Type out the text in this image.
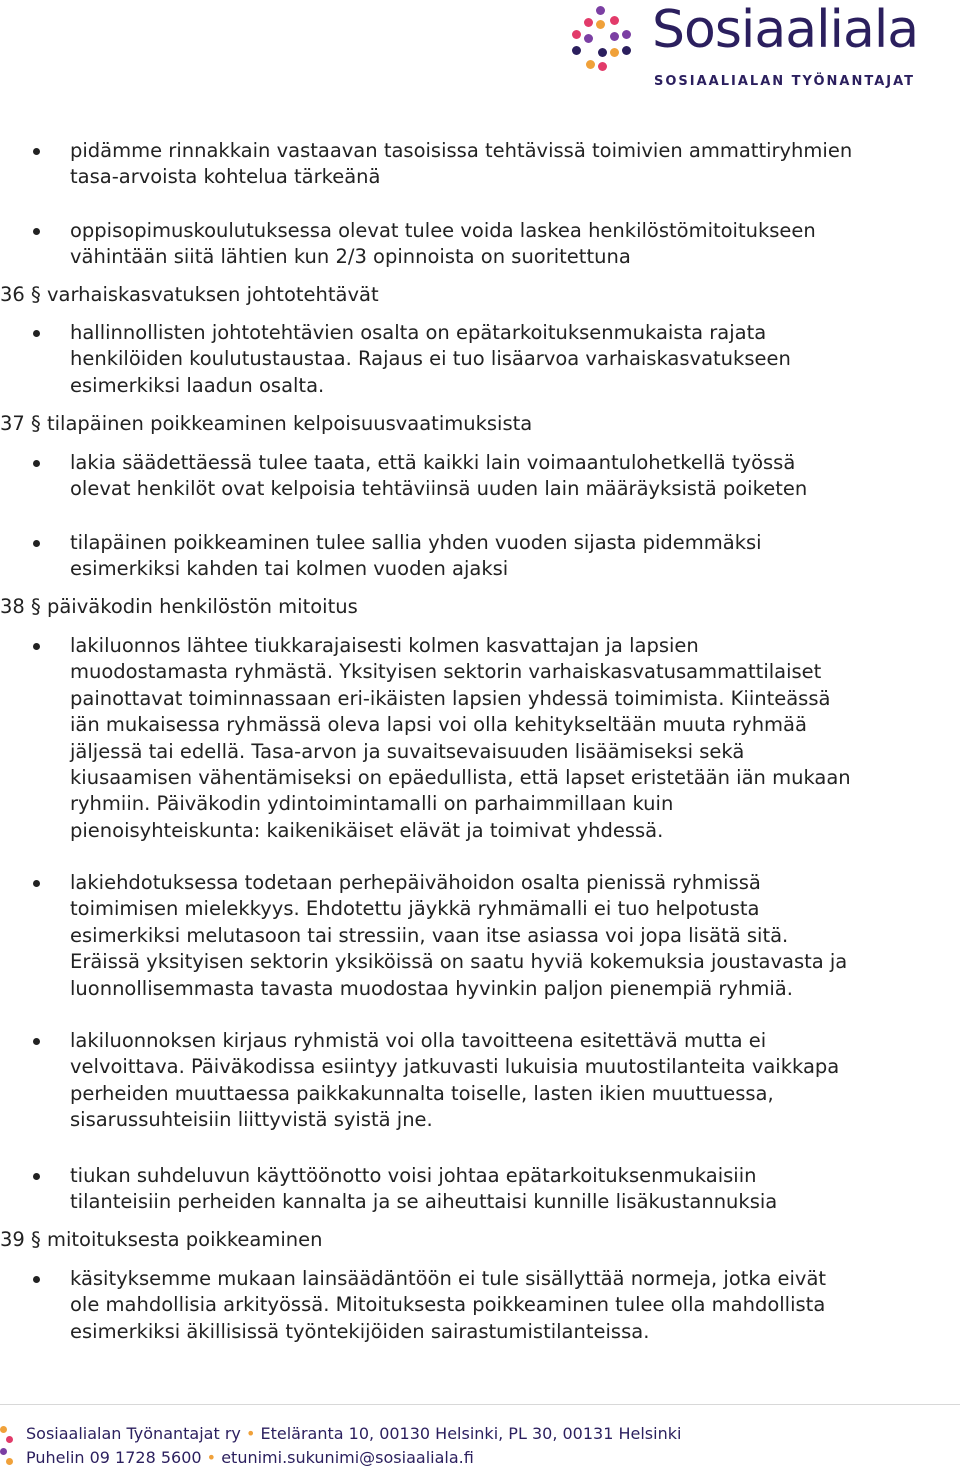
Sosiaaliala
SOSIAALIALAN TYÖNANTAJAT
pidämme rinnakkain vastaavan tasoisissa tehtävissä toimivien ammattiryhmien
tasa-arvoista kohtelua tärkeänä
oppisopimuskoulutuksessa olevat tulee voida laskea henkilöstömitoitukseen
vähintään siitä lähtien kun 2/3 opinnoista on suoritettuna
36 § varhaiskasvatuksen johtotehtävät
hallinnollisten johtotehtävien osalta on epätarkoituksenmukaista rajata
henkilöiden koulutustaustaa. Rajaus ei tuo lisäarvoa varhaiskasvatukseen
esimerkiksi laadun osalta.
37 § tilapäinen poikkeaminen kelpoisuusvaatimuksista
lakia säädettäessä tulee taata, että kaikki lain voimaantulohetkellä työssä
olevat henkilöt ovat kelpoisia tehtäviinsä uuden lain määräyksistä poiketen
tilapäinen poikkeaminen tulee sallia yhden vuoden sijasta pidemmäksi
esimerkiksi kahden tai kolmen vuoden ajaksi
38 § päiväkodin henkilöstön mitoitus
lakiluonnos lähtee tiukkarajaisesti kolmen kasvattajan ja lapsien
muodostamasta ryhmästä. Yksityisen sektorin varhaiskasvatusammattilaiset
painottavat toiminnassaan eri-ikäisten lapsien yhdessä toimimista. Kiinteässä
iän mukaisessa ryhmässä oleva lapsi voi olla kehitykseltään muuta ryhmää
jäljessä tai edellä. Tasa-arvon ja suvaitsevaisuuden lisäämiseksi sekä
kiusaamisen vähentämiseksi on epäedullista, että lapset eristetään iän mukaan
ryhmiin. Päiväkodin ydintoimintamalli on parhaimmillaan kuin
pienoisyhteiskunta: kaikenikäiset elävät ja toimivat yhdessä.
lakiehdotuksessa todetaan perhepäivähoidon osalta pienissä ryhmissä
toimimisen mielekkyys. Ehdotettu jäykkä ryhmämalli ei tuo helpotusta
esimerkiksi melutasoon tai stressiin, vaan itse asiassa voi jopa lisätä sitä.
Eräissä yksityisen sektorin yksiköissä on saatu hyviä kokemuksia joustavasta ja
luonnollisemmasta tavasta muodostaa hyvinkin paljon pienempiä ryhmiä.
lakiluonnoksen kirjaus ryhmistä voi olla tavoitteena esitettävä mutta ei
velvoittava. Päiväkodissa esiintyy jatkuvasti lukuisia muutostilanteita vaikkapa
perheiden muuttaessa paikkakunnalta toiselle, lasten ikien muuttuessa,
sisarussuhteisiin liittyvistä syistä jne.
tiukan suhdeluvun käyttöönotto voisi johtaa epätarkoituksenmukaisiin
tilanteisiin perheiden kannalta ja se aiheuttaisi kunnille lisäkustannuksia
39 § mitoituksesta poikkeaminen
käsityksemme mukaan lainsäädäntöön ei tule sisällyttää normeja, jotka eivät
ole mahdollisia arkityössä. Mitoituksesta poikkeaminen tulee olla mahdollista
esimerkiksi äkillisissä työntekijöiden sairastumistilanteissa.
Sosiaalialan Työnantajat ry • Eteläranta 10, 00130 Helsinki, PL 30, 00131 Helsinki
Puhelin 09 1728 5600 • etunimi.sukunimi@sosiaaliala.fi
